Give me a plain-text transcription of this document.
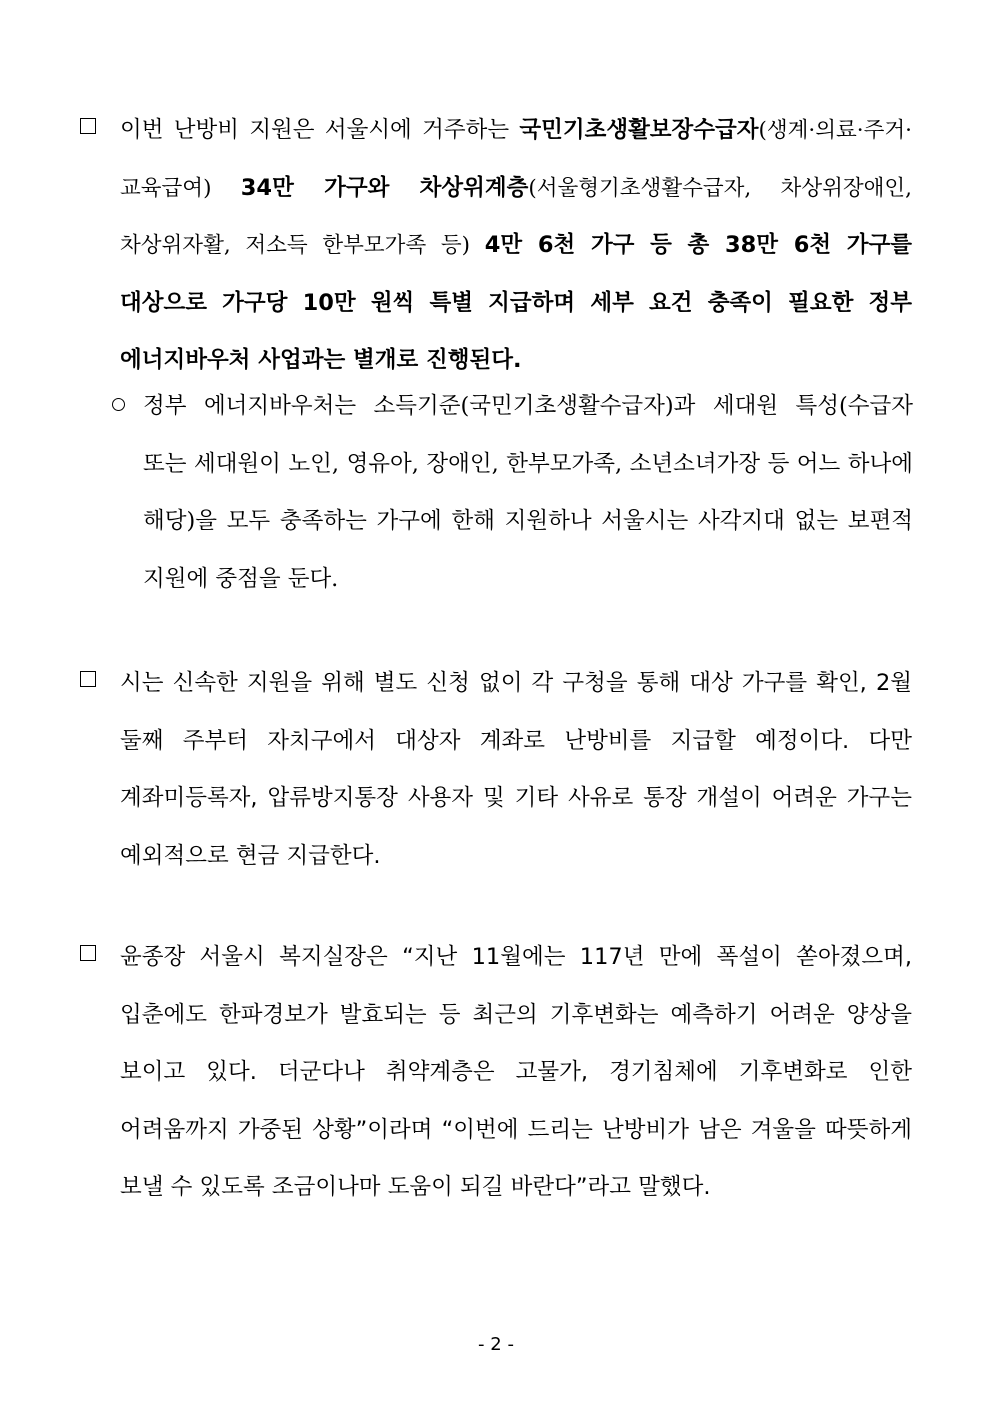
이번 난방비 지원은 서울시에 거주하는 국민기초생활보장수급자(생계·의료·주거·교육급여) 34만 가구와 차상위계층(서울형기초생활수급자, 차상위장애인, 차상위자활, 저소득 한부모가족 등) 4만 6천 가구 등 총 38만 6천 가구를 대상으로 가구당 10만 원씩 특별 지급하며 세부 요건 충족이 필요한 정부 에너지바우처 사업과는 별개로 진행된다.
정부 에너지바우처는 소득기준(국민기초생활수급자)과 세대원 특성(수급자 또는 세대원이 노인, 영유아, 장애인, 한부모가족, 소년소녀가장 등 어느 하나에 해당)을 모두 충족하는 가구에 한해 지원하나 서울시는 사각지대 없는 보편적 지원에 중점을 둔다.
시는 신속한 지원을 위해 별도 신청 없이 각 구청을 통해 대상 가구를 확인, 2월 둘째 주부터 자치구에서 대상자 계좌로 난방비를 지급할 예정이다. 다만 계좌미등록자, 압류방지통장 사용자 및 기타 사유로 통장 개설이 어려운 가구는 예외적으로 현금 지급한다.
윤종장 서울시 복지실장은 “지난 11월에는 117년 만에 폭설이 쏟아졌으며, 입춘에도 한파경보가 발효되는 등 최근의 기후변화는 예측하기 어려운 양상을 보이고 있다. 더군다나 취약계층은 고물가, 경기침체에 기후변화로 인한 어려움까지 가중된 상황”이라며 “이번에 드리는 난방비가 남은 겨울을 따뜻하게 보낼 수 있도록 조금이나마 도움이 되길 바란다”라고 말했다.
- 2 -
